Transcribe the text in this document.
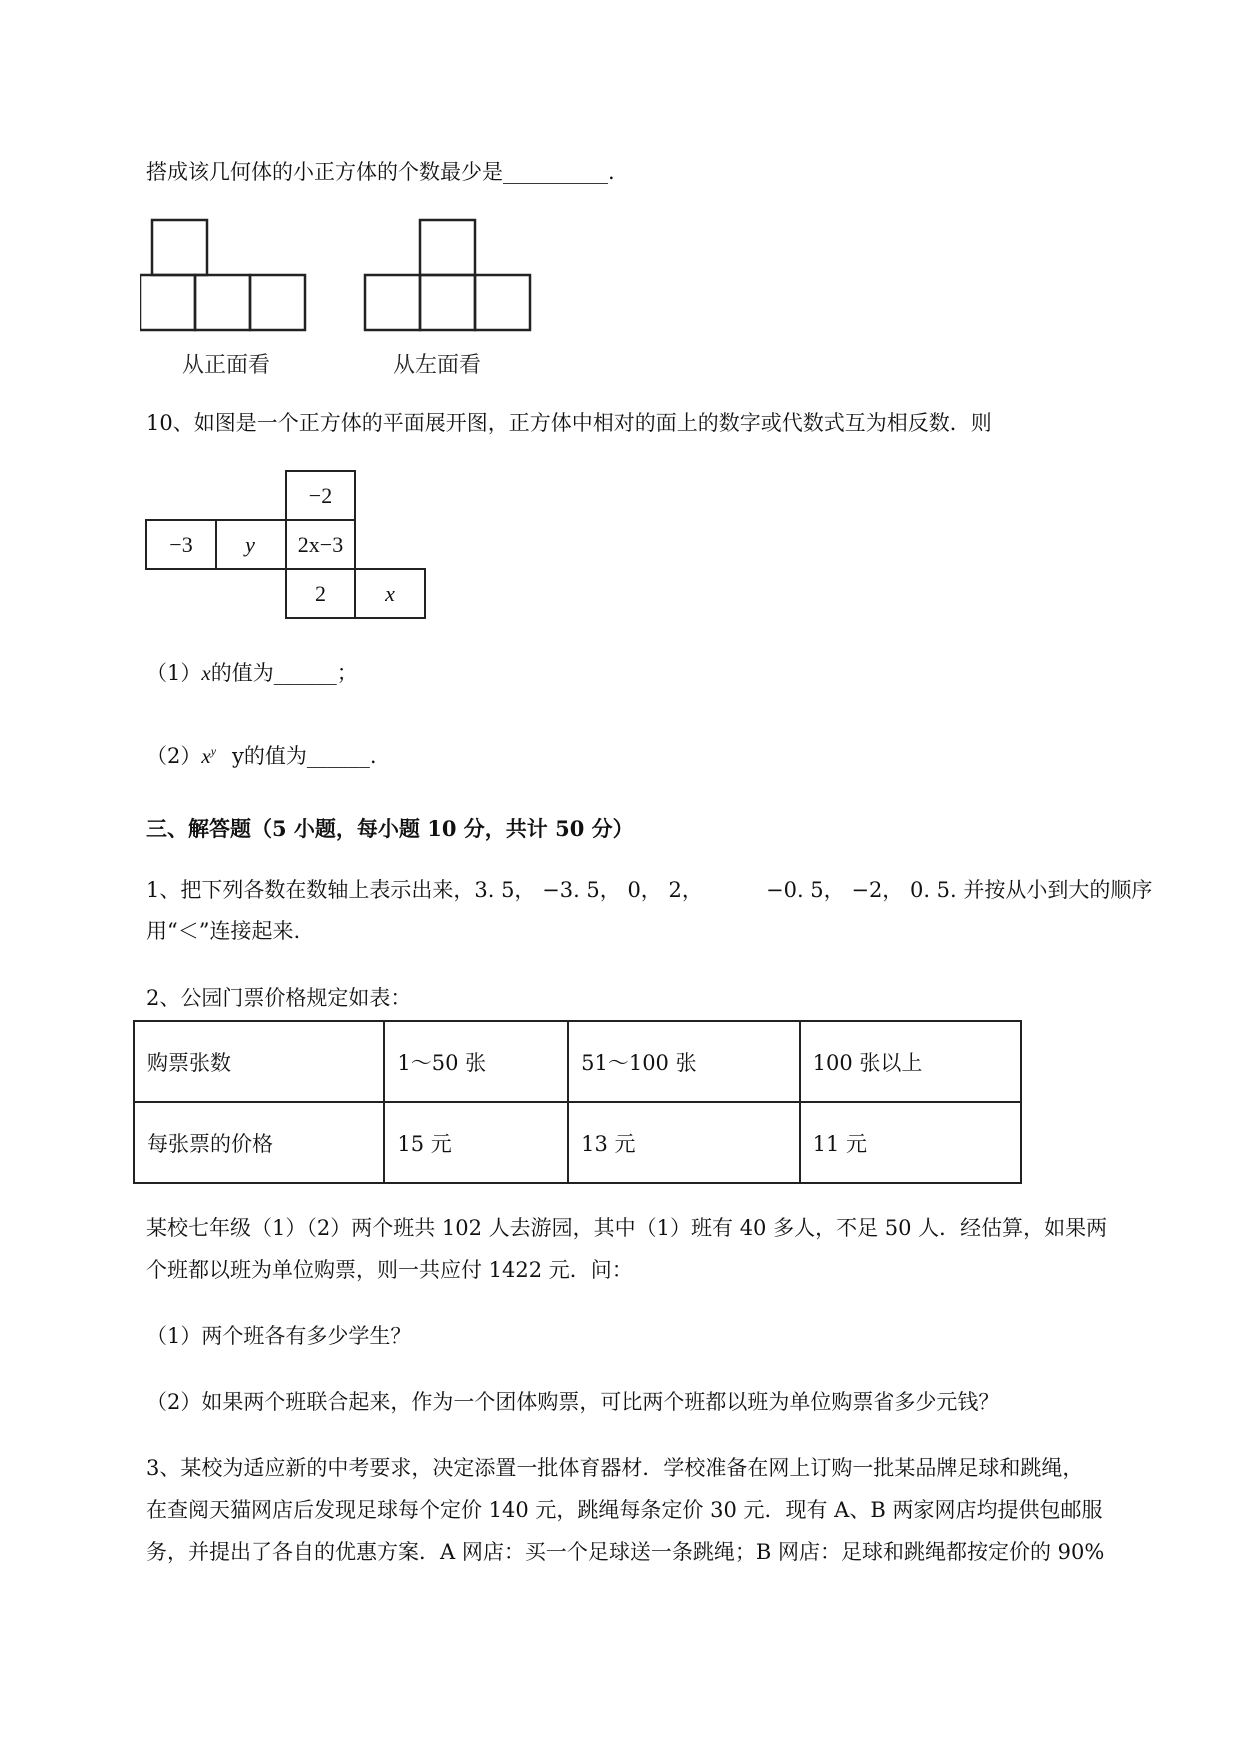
搭成该几何体的小正方体的个数最少是__________.
从正面看	从左面看
10、如图是一个正方体的平面展开图，正方体中相对的面上的数字或代数式互为相反数．则
−2
−3	y	2x−3
2	x
（1）x的值为______；
$(2)x^y$ y的值为______.
三、解答题（5 小题，每小题 10 分，共计 50 分）
1、把下列各数在数轴上表示出来，3. 5， −3. 5， 0， 2，	−0. 5， −2， 0. 5. 并按从小到大的顺序
用“＜”连接起来.
2、公园门票价格规定如表：
购票张数	1～50 张	51～100 张	100 张以上
每张票的价格	15 元	13 元	11 元
某校七年级（1）（2）两个班共 102 人去游园，其中（1）班有 40 多人，不足 50 人．经估算，如果两
个班都以班为单位购票，则一共应付 1422 元．问：
（1）两个班各有多少学生？
（2）如果两个班联合起来，作为一个团体购票，可比两个班都以班为单位购票省多少元钱？
3、某校为适应新的中考要求，决定添置一批体育器材．学校准备在网上订购一批某品牌足球和跳绳，
在查阅天猫网店后发现足球每个定价 140 元，跳绳每条定价 30 元．现有 A、B 两家网店均提供包邮服
务，并提出了各自的优惠方案．A 网店：买一个足球送一条跳绳；B 网店：足球和跳绳都按定价的 90%
